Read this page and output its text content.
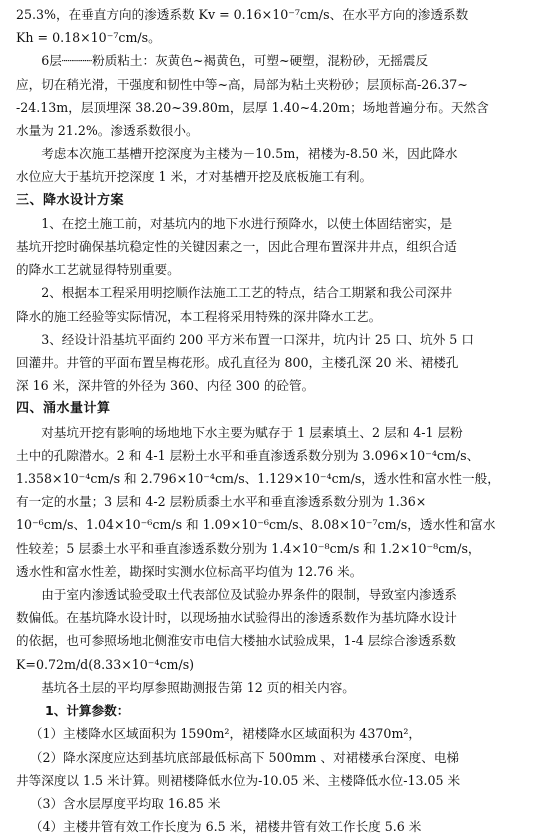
25.3%，在垂直方向的渗透系数 Kv = 0.16×10⁻⁷cm/s、在水平方向的渗透系数

Kh = 0.18×10⁻⁷cm/s。

6层┈┈┈┈粉质粘土：灰黄色~褐黄色，可塑~硬塑，混粉砂，无摇震反

应，切在稍光滑，干强度和韧性中等~高，局部为粘土夹粉砂；层顶标高-26.37~

-24.13m，层顶埋深 38.20~39.80m，层厚 1.40~4.20m；场地普遍分布。天然含

水量为 21.2%。渗透系数很小。

考虑本次施工基槽开挖深度为主楼为－10.5m，裙楼为-8.50 米，因此降水

水位应大于基坑开挖深度 1 米，才对基槽开挖及底板施工有利。

三、降水设计方案

1、在挖土施工前，对基坑内的地下水进行预降水，以使土体固结密实，是

基坑开挖时确保基坑稳定性的关键因素之一，因此合理布置深井井点，组织合适

的降水工艺就显得特别重要。

2、根据本工程采用明挖顺作法施工工艺的特点，结合工期紧和我公司深井

降水的施工经验等实际情况，本工程将采用特殊的深井降水工艺。

3、经设计沿基坑平面约 200 平方米布置一口深井，坑内计 25 口、坑外 5 口

回灌井。井管的平面布置呈梅花形。成孔直径为 800，主楼孔深 20 米、裙楼孔

深 16 米，深井管的外径为 360、内径 300 的砼管。

四、涌水量计算

对基坑开挖有影响的场地地下水主要为赋存于 1 层素填土、2 层和 4-1 层粉

土中的孔隙潜水。2 和 4-1 层粉土水平和垂直渗透系数分别为 3.096×10⁻⁴cm/s、

1.358×10⁻⁴cm/s 和 2.796×10⁻⁴cm/s、1.129×10⁻⁴cm/s，透水性和富水性一般，

有一定的水量；3 层和 4-2 层粉质黍土水平和垂直渗透系数分别为 1.36×

10⁻⁶cm/s、1.04×10⁻⁶cm/s 和 1.09×10⁻⁶cm/s、8.08×10⁻⁷cm/s，透水性和富水

性较差；5 层黍土水平和垂直渗透系数分别为 1.4×10⁻⁸cm/s 和 1.2×10⁻⁸cm/s，

透水性和富水性差，勘探时实测水位标高平均值为 12.76 米。

由于室内渗透试验受取土代表部位及试验办界条件的限制，导致室内渗透系

数偏低。在基坑降水设计时，以现场抽水试验得出的渗透系数作为基坑降水设计

的依据，也可参照场地北侧淮安市电信大楼抽水试验成果，1-4 层综合渗透系数

K=0.72m/d(8.33×10⁻⁴cm/s)

基坑各土层的平均厚参照勘测报告第 12 页的相关内容。

1、计算参数：

（1）主楼降水区域面积为 1590m²，裙楼降水区域面积为 4370m²，

（2）降水深度应达到基坑底部最低标高下 500mm 、对裙楼承台深度、电梯

井等深度以 1.5 米计算。则裙楼降低水位为-10.05 米、主楼降低水位-13.05 米

（3）含水层厚度平均取 16.85 米

（4）主楼井管有效工作长度为 6.5 米，裙楼井管有效工作长度 5.6 米
